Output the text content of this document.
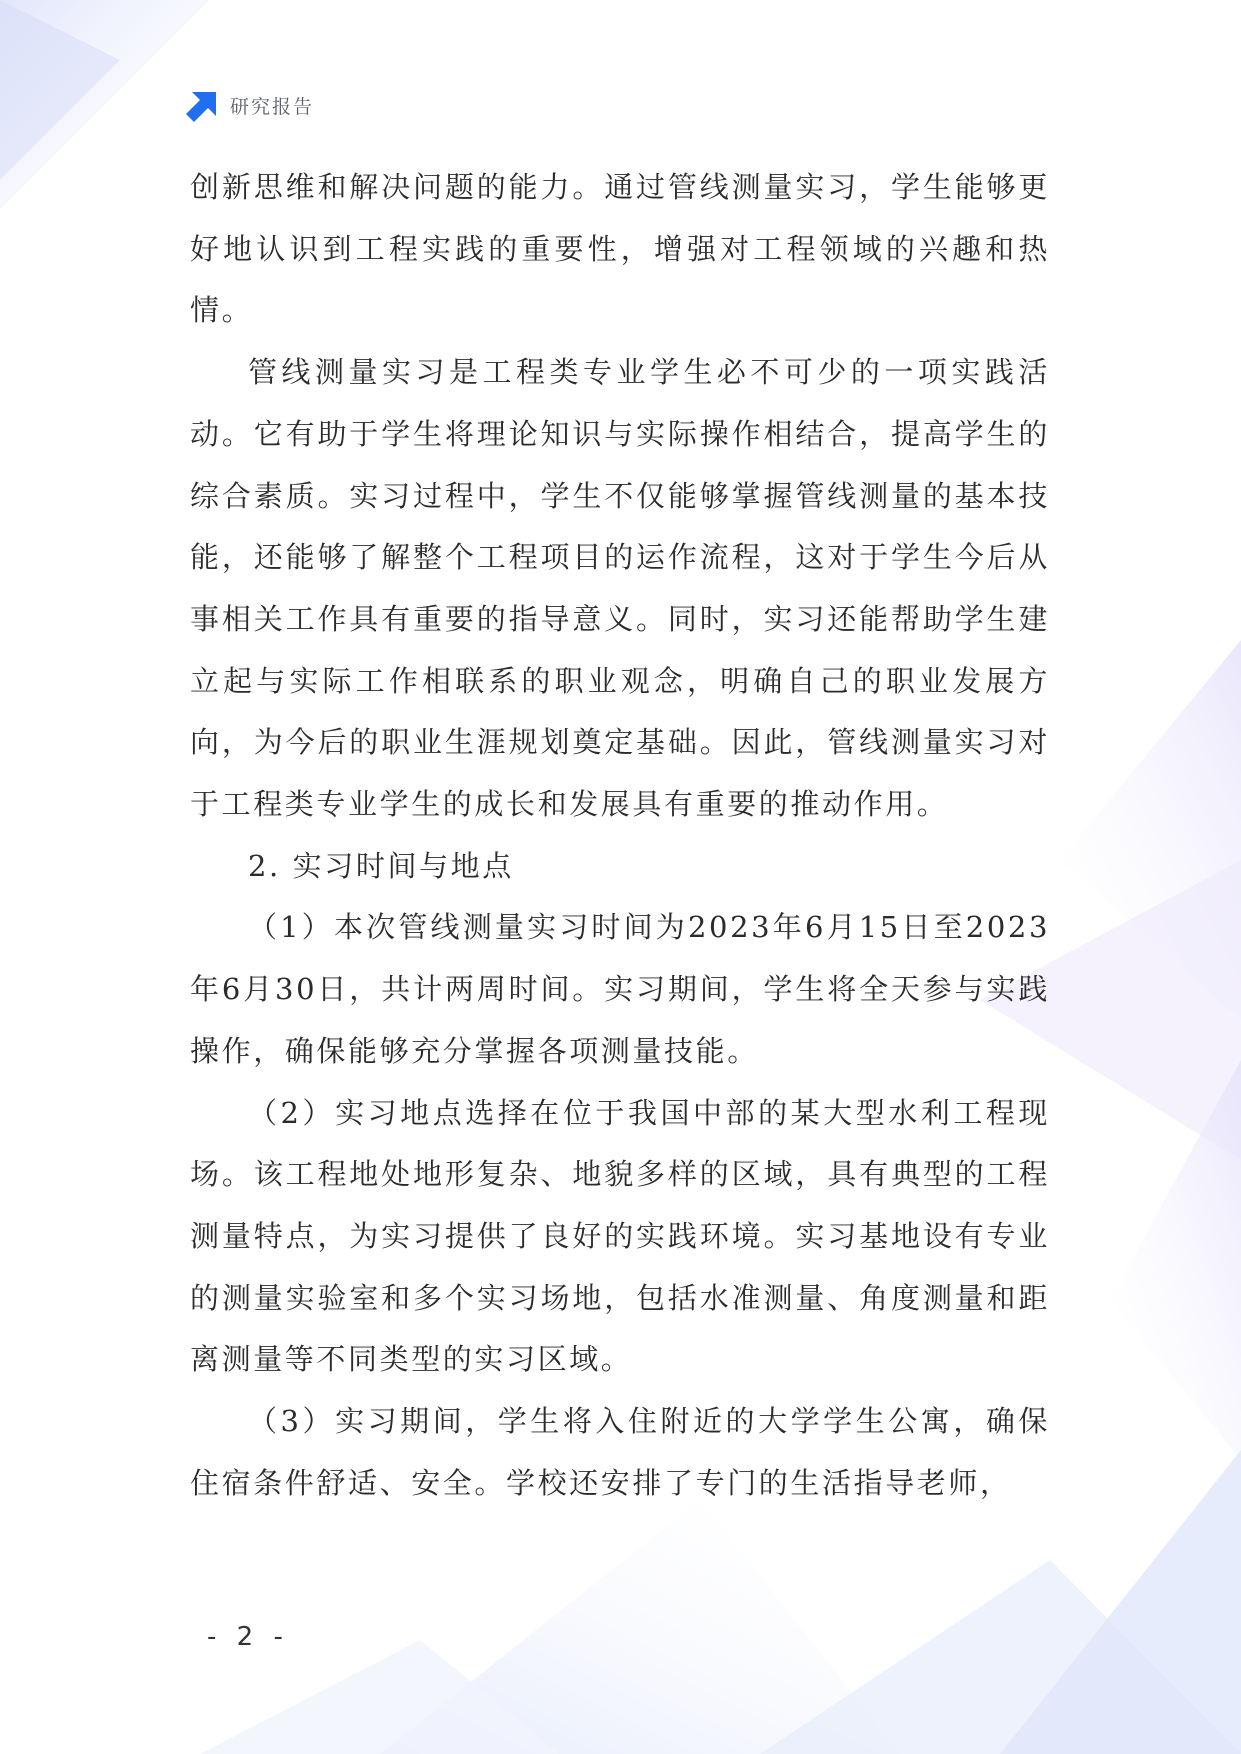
研究报告

创新思维和解决问题的能力。通过管线测量实习，学生能够更好地认识到工程实践的重要性，增强对工程领域的兴趣和热情。

管线测量实习是工程类专业学生必不可少的一项实践活动。它有助于学生将理论知识与实际操作相结合，提高学生的综合素质。实习过程中，学生不仅能够掌握管线测量的基本技能，还能够了解整个工程项目的运作流程，这对于学生今后从事相关工作具有重要的指导意义。同时，实习还能帮助学生建立起与实际工作相联系的职业观念，明确自己的职业发展方向，为今后的职业生涯规划奠定基础。因此，管线测量实习对于工程类专业学生的成长和发展具有重要的推动作用。

2. 实习时间与地点

（1）本次管线测量实习时间为2023年6月15日至2023年6月30日，共计两周时间。实习期间，学生将全天参与实践操作，确保能够充分掌握各项测量技能。

（2）实习地点选择在位于我国中部的某大型水利工程现场。该工程地处地形复杂、地貌多样的区域，具有典型的工程测量特点，为实习提供了良好的实践环境。实习基地设有专业的测量实验室和多个实习场地，包括水准测量、角度测量和距离测量等不同类型的实习区域。

（3）实习期间，学生将入住附近的大学学生公寓，确保住宿条件舒适、安全。学校还安排了专门的生活指导老师，

- 2 -
